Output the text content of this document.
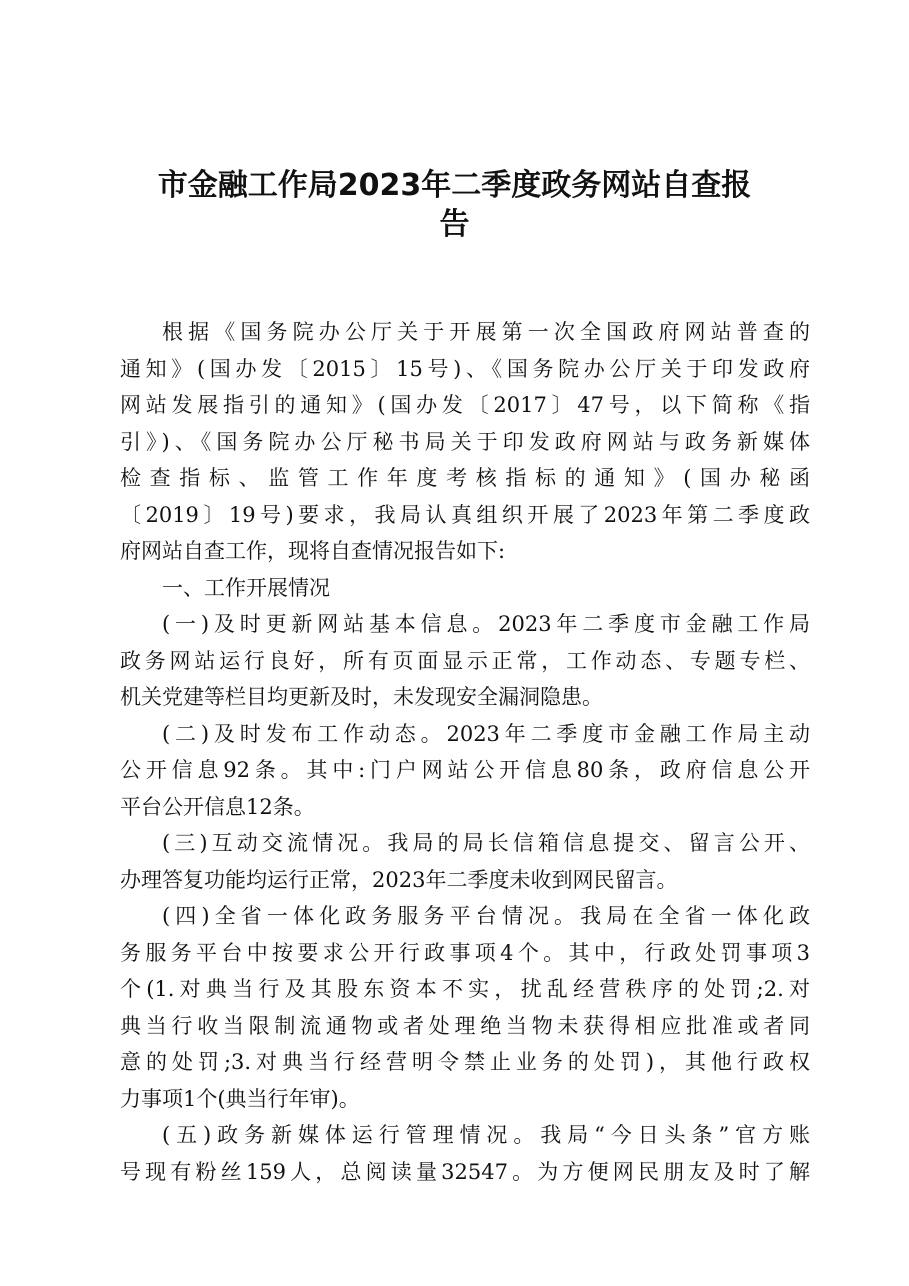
市金融工作局2023年二季度政务网站自查报
告
根据《国务院办公厅关于开展第一次全国政府网站普查的
通知》(国办发〔2015〕15号)、《国务院办公厅关于印发政府
网站发展指引的通知》(国办发〔2017〕47号，以下简称《指
引》)、《国务院办公厅秘书局关于印发政府网站与政务新媒体
检查指标、监管工作年度考核指标的通知》(国办秘函
〔2019〕19号)要求，我局认真组织开展了2023年第二季度政
府网站自查工作，现将自查情况报告如下:
一、工作开展情况
(一)及时更新网站基本信息。2023年二季度市金融工作局
政务网站运行良好，所有页面显示正常，工作动态、专题专栏、
机关党建等栏目均更新及时，未发现安全漏洞隐患。
(二)及时发布工作动态。2023年二季度市金融工作局主动
公开信息92条。其中:门户网站公开信息80条，政府信息公开
平台公开信息12条。
(三)互动交流情况。我局的局长信箱信息提交、留言公开、
办理答复功能均运行正常，2023年二季度未收到网民留言。
(四)全省一体化政务服务平台情况。我局在全省一体化政
务服务平台中按要求公开行政事项4个。其中，行政处罚事项3
个(1.对典当行及其股东资本不实，扰乱经营秩序的处罚;2.对
典当行收当限制流通物或者处理绝当物未获得相应批准或者同
意的处罚;3.对典当行经营明令禁止业务的处罚)，其他行政权
力事项1个(典当行年审)。
(五)政务新媒体运行管理情况。我局“今日头条”官方账
号现有粉丝159人，总阅读量32547。为方便网民朋友及时了解
